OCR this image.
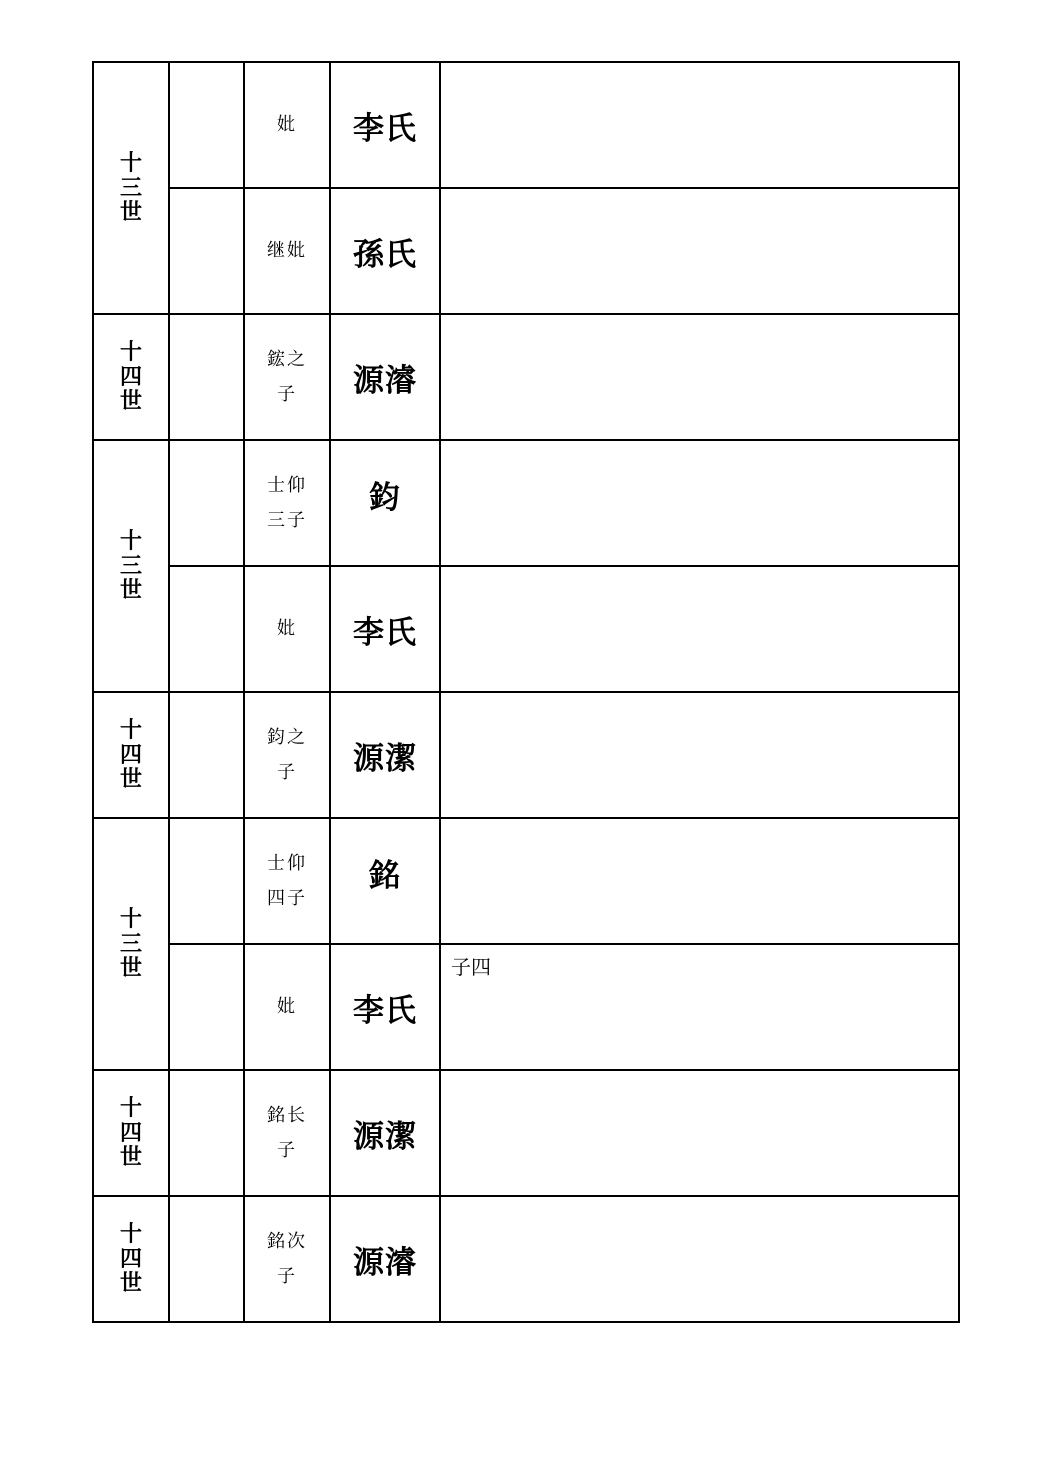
十三世		妣	李氏	

		继妣	孫氏	

十四世		鋐之子	源濬	

十三世		士仰三子	鈞	

		妣	李氏	

十四世		鈞之子	源潔	

十三世		士仰四子	銘	

		妣	李氏	子四

十四世		銘长子	源潔	

十四世		銘次子	源濬	
